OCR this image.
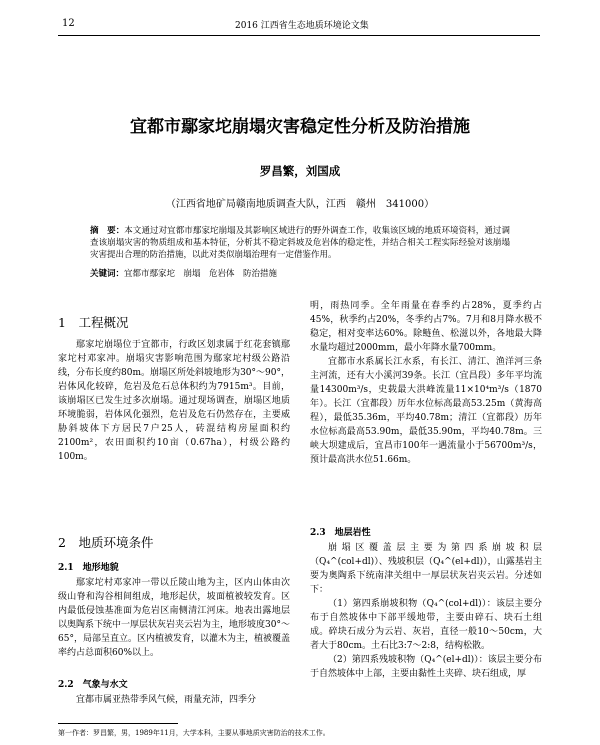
12	2016 江西省生态地质环境论文集
宜都市鄢家坨崩塌灾害稳定性分析及防治措施
罗昌繁，刘国成
（江西省地矿局赣南地质调查大队，江西　赣州　341000）
摘　要：本文通过对宜都市鄢家坨崩塌及其影响区域进行的野外调查工作，收集该区域的地质环境资料，通过调查该崩塌灾害的物质组成和基本特征，分析其不稳定斜坡及危岩体的稳定性，并结合相关工程实际经验对该崩塌灾害提出合理的防治措施，以此对类似崩塌治理有一定借鉴作用。
关键词：宜都市鄢家坨　崩塌　危岩体　防治措施
1　工程概况

鄢家坨崩塌位于宜都市，行政区划隶属于红花套镇鄢家坨村邓家冲。崩塌灾害影响范围为鄢家坨村级公路沿线，分布长度约80m。崩塌区所处斜坡地形为30°～90°，岩体风化较碎，危岩及危石总体积约为7915m³。目前，该崩塌区已发生过多次崩塌。通过现场调查，崩塌区地质环境脆弱，岩体风化强烈，危岩及危石仍然存在，主要威胁斜坡体下方居民7户25人，砖混结构房屋面积约2100m²，农田面积约10亩（0.67ha），村级公路约100m。

2　地质环境条件
2.1　地形地貌

鄢家坨村邓家冲一带以丘陵山地为主，区内山体由次级山脊和沟谷相间组成，地形起伏，坡面植被较发育。区内最低侵蚀基准面为危岩区南侧清江河床。地表出露地层以奥陶系下统中一厚层状灰岩夹云岩为主，地形坡度30°～65°，局部呈直立。区内植被发育，以灌木为主，植被覆盖率约占总面积60%以上。

2.2　气象与水文

宜都市属亚热带季风气候，雨量充沛，四季分

明，雨热同季。全年雨量在春季约占28%，夏季约占45%，秋季约占20%，冬季约占7%。7月和8月降水极不稳定，相对变率达60%。除鲢鱼、松滋以外，各地最大降水量均超过2000mm，最小年降水量700mm。

宜都市水系属长江水系，有长江、清江、渔洋河三条主河流，还有大小溪河39条。长江（宜昌段）多年平均流量14300m³/s，史载最大洪峰流量11×10⁴m³/s（1870年）。长江（宜都段）历年水位标高最高53.25m（黄海高程），最低35.36m，平均40.78m；清江（宜都段）历年水位标高最高53.90m，最低35.90m，平均40.78m。三峡大坝建成后，宜昌市100年一遇流量小于56700m³/s，预计最高洪水位51.66m。

2.3　地层岩性

崩塌区覆盖层主要为第四系崩坡积层（Q₄^(col+dl)）、残坡积层（Q₄^(el+dl)），山露基岩主要为奥陶系下统南津关组中一厚层状灰岩夹云岩。分述如下：

（1）第四系崩坡积物（Q₄^(col+dl)）：该层主要分布于自然坡体中下部平缓地带，主要由碎石、块石土组成。碎块石成分为云岩、灰岩，直径一般10～50cm，大者大于80cm。土石比3:7～2:8，结构松散。

（2）第四系残坡积物（Q₄^(el+dl)）：该层主要分布于自然坡体中上部，主要由黏性土夹碎、块石组成，厚

第一作者：罗昌繁，男，1989年11月，大学本科，主要从事地质灾害防治的技术工作。
